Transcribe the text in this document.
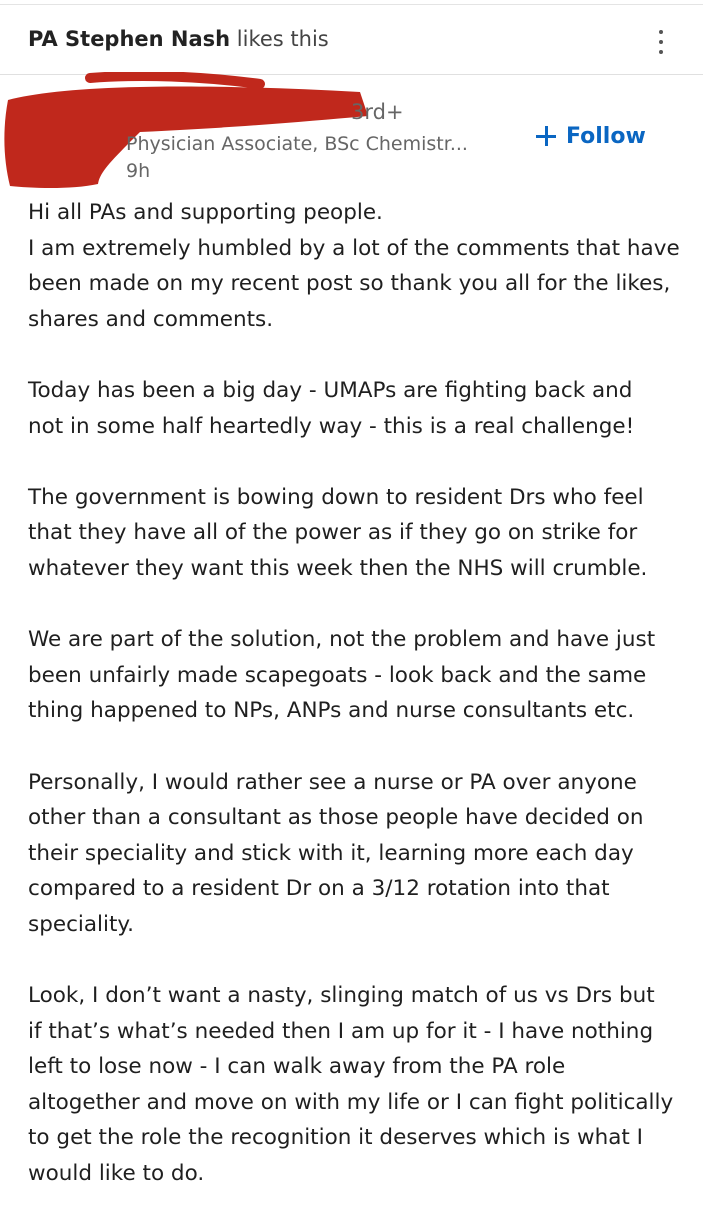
PA Stephen Nash likes this
3rd+
Physician Associate, BSc Chemistr...
9h
Follow
Hi all PAs and supporting people.
I am extremely humbled by a lot of the comments that have
been made on my recent post so thank you all for the likes,
shares and comments.
Today has been a big day - UMAPs are fighting back and
not in some half heartedly way - this is a real challenge!
The government is bowing down to resident Drs who feel
that they have all of the power as if they go on strike for
whatever they want this week then the NHS will crumble.
We are part of the solution, not the problem and have just
been unfairly made scapegoats - look back and the same
thing happened to NPs, ANPs and nurse consultants etc.
Personally, I would rather see a nurse or PA over anyone
other than a consultant as those people have decided on
their speciality and stick with it, learning more each day
compared to a resident Dr on a 3/12 rotation into that
speciality.
Look, I don’t want a nasty, slinging match of us vs Drs but
if that’s what’s needed then I am up for it - I have nothing
left to lose now - I can walk away from the PA role
altogether and move on with my life or I can fight politically
to get the role the recognition it deserves which is what I
would like to do.
